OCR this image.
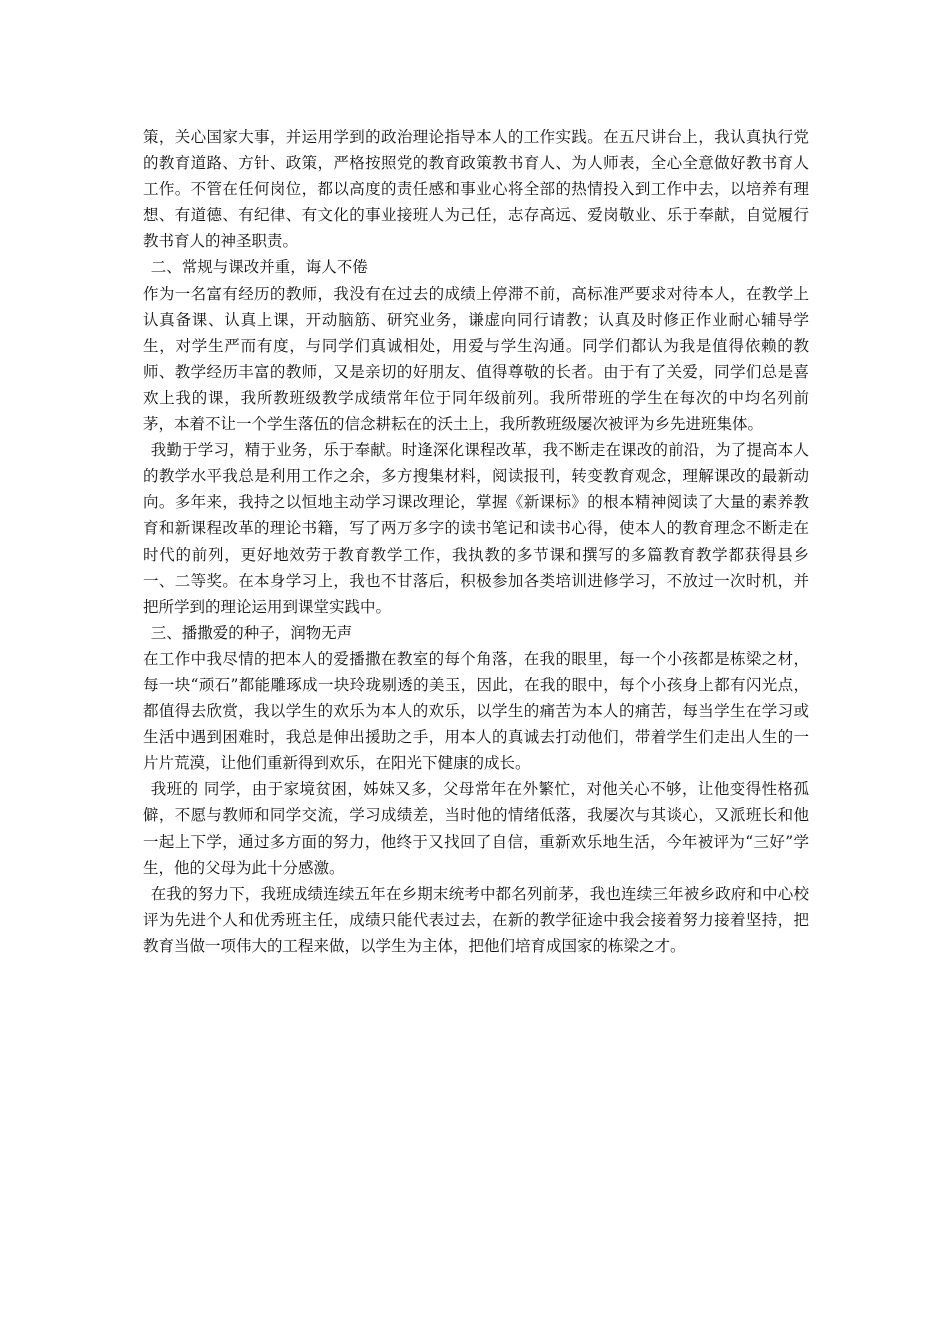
策，关心国家大事，并运用学到的政治理论指导本人的工作实践。在五尺讲台上，我认真执行党的教育道路、方针、政策，严格按照党的教育政策教书育人、为人师表，全心全意做好教书育人工作。不管在任何岗位，都以高度的责任感和事业心将全部的热情投入到工作中去，以培养有理想、有道德、有纪律、有文化的事业接班人为己任，志存高远、爱岗敬业、乐于奉献，自觉履行教书育人的神圣职责。

二、常规与课改并重，诲人不倦

作为一名富有经历的教师，我没有在过去的成绩上停滞不前，高标准严要求对待本人，在教学上认真备课、认真上课，开动脑筋、研究业务，谦虚向同行请教；认真及时修正作业耐心辅导学生，对学生严而有度，与同学们真诚相处，用爱与学生沟通。同学们都认为我是值得依赖的教师、教学经历丰富的教师，又是亲切的好朋友、值得尊敬的长者。由于有了关爱，同学们总是喜欢上我的课，我所教班级教学成绩常年位于同年级前列。我所带班的学生在每次的中均名列前茅，本着不让一个学生落伍的信念耕耘在的沃土上，我所教班级屡次被评为乡先进班集体。

我勤于学习，精于业务，乐于奉献。时逢深化课程改革，我不断走在课改的前沿，为了提高本人的教学水平我总是利用工作之余，多方搜集材料，阅读报刊，转变教育观念，理解课改的最新动向。多年来，我持之以恒地主动学习课改理论，掌握《新课标》的根本精神阅读了大量的素养教育和新课程改革的理论书籍，写了两万多字的读书笔记和读书心得，使本人的教育理念不断走在时代的前列，更好地效劳于教育教学工作，我执教的多节课和撰写的多篇教育教学都获得县乡一、二等奖。在本身学习上，我也不甘落后，积极参加各类培训进修学习，不放过一次时机，并把所学到的理论运用到课堂实践中。

三、播撒爱的种子，润物无声

在工作中我尽情的把本人的爱播撒在教室的每个角落，在我的眼里，每一个小孩都是栋梁之材，每一块“顽石”都能雕琢成一块玲珑剔透的美玉，因此，在我的眼中，每个小孩身上都有闪光点，都值得去欣赏，我以学生的欢乐为本人的欢乐，以学生的痛苦为本人的痛苦，每当学生在学习或生活中遇到困难时，我总是伸出援助之手，用本人的真诚去打动他们，带着学生们走出人生的一片片荒漠，让他们重新得到欢乐，在阳光下健康的成长。

我班的 同学，由于家境贫困，姊妹又多，父母常年在外繁忙，对他关心不够，让他变得性格孤僻，不愿与教师和同学交流，学习成绩差，当时他的情绪低落，我屡次与其谈心，又派班长和他一起上下学，通过多方面的努力，他终于又找回了自信，重新欢乐地生活，今年被评为“三好”学生，他的父母为此十分感激。

在我的努力下，我班成绩连续五年在乡期末统考中都名列前茅，我也连续三年被乡政府和中心校评为先进个人和优秀班主任，成绩只能代表过去，在新的教学征途中我会接着努力接着坚持，把教育当做一项伟大的工程来做，以学生为主体，把他们培育成国家的栋梁之才。
